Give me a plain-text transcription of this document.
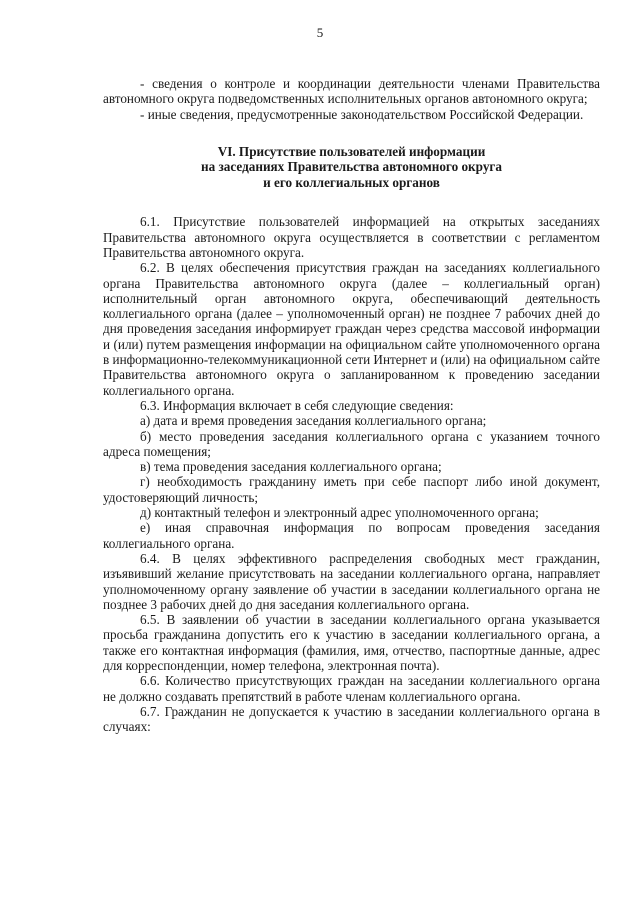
5

- сведения о контроле и координации деятельности членами Правительства автономного округа подведомственных исполнительных органов автономного округа;

- иные сведения, предусмотренные законодательством Российской Федерации.

VI. Присутствие пользователей информации
на заседаниях Правительства автономного округа
и его коллегиальных органов

6.1. Присутствие пользователей информацией на открытых заседаниях Правительства автономного округа осуществляется в соответствии с регламентом Правительства автономного округа.

6.2. В целях обеспечения присутствия граждан на заседаниях коллегиального органа Правительства автономного округа (далее – коллегиальный орган) исполнительный орган автономного округа, обеспечивающий деятельность коллегиального органа (далее – уполномоченный орган) не позднее 7 рабочих дней до дня проведения заседания информирует граждан через средства массовой информации и (или) путем размещения информации на официальном сайте уполномоченного органа в информационно-телекоммуникационной сети Интернет и (или) на официальном сайте Правительства автономного округа о запланированном к проведению заседании коллегиального органа.

6.3. Информация включает в себя следующие сведения:

а) дата и время проведения заседания коллегиального органа;

б) место проведения заседания коллегиального органа с указанием точного адреса помещения;

в) тема проведения заседания коллегиального органа;

г) необходимость гражданину иметь при себе паспорт либо иной документ, удостоверяющий личность;

д) контактный телефон и электронный адрес уполномоченного органа;

е) иная справочная информация по вопросам проведения заседания коллегиального органа.

6.4. В целях эффективного распределения свободных мест гражданин, изъявивший желание присутствовать на заседании коллегиального органа, направляет уполномоченному органу заявление об участии в заседании коллегиального органа не позднее 3 рабочих дней до дня заседания коллегиального органа.

6.5. В заявлении об участии в заседании коллегиального органа указывается просьба гражданина допустить его к участию в заседании коллегиального органа, а также его контактная информация (фамилия, имя, отчество, паспортные данные, адрес для корреспонденции, номер телефона, электронная почта).

6.6. Количество присутствующих граждан на заседании коллегиального органа не должно создавать препятствий в работе членам коллегиального органа.

6.7. Гражданин не допускается к участию в заседании коллегиального органа в случаях:
